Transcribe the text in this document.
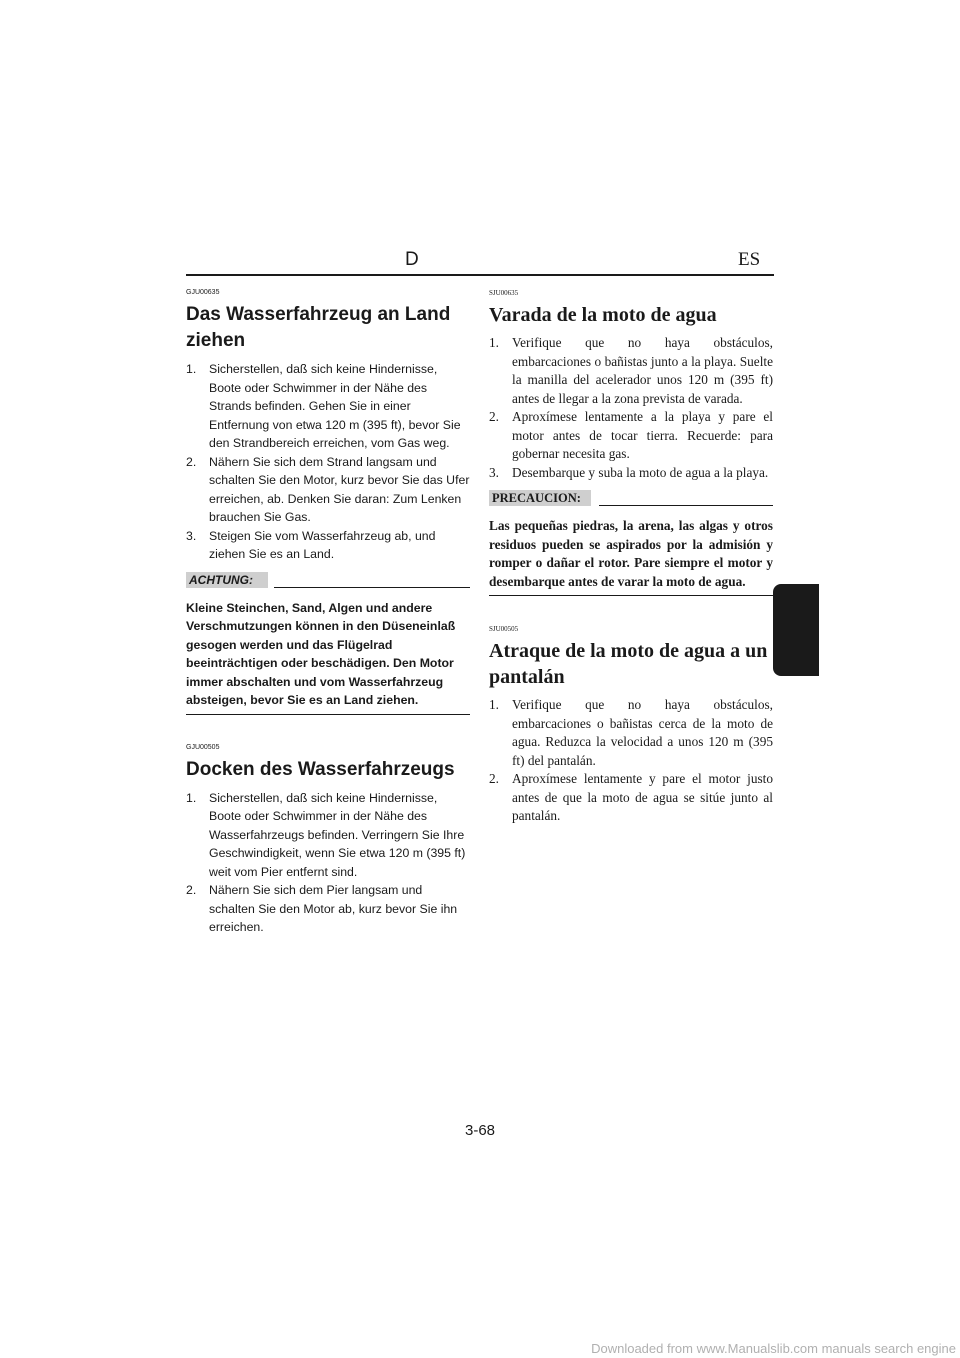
D	ES

GJU00635

Das Wasserfahrzeug an Land ziehen
1. Sicherstellen, daß sich keine Hindernisse, Boote oder Schwimmer in der Nähe des Strands befinden. Gehen Sie in einer Entfernung von etwa 120 m (395 ft), bevor Sie den Strandbereich erreichen, vom Gas weg.
2. Nähern Sie sich dem Strand langsam und schalten Sie den Motor, kurz bevor Sie das Ufer erreichen, ab. Denken Sie daran: Zum Lenken brauchen Sie Gas.
3. Steigen Sie vom Wasserfahrzeug ab, und ziehen Sie es an Land.
ACHTUNG:
Kleine Steinchen, Sand, Algen und andere Verschmutzungen können in den Düseneinlaß gesogen werden und das Flügelrad beeinträchtigen oder beschädigen. Den Motor immer abschalten und vom Wasserfahrzeug absteigen, bevor Sie es an Land ziehen.

GJU00505

Docken des Wasserfahrzeugs
1. Sicherstellen, daß sich keine Hindernisse, Boote oder Schwimmer in der Nähe des Wasserfahrzeugs befinden. Verringern Sie Ihre Geschwindigkeit, wenn Sie etwa 120 m (395 ft) weit vom Pier entfernt sind.
2. Nähern Sie sich dem Pier langsam und schalten Sie den Motor ab, kurz bevor Sie ihn erreichen.

SJU00635

Varada de la moto de agua
1. Verifique que no haya obstáculos, embarcaciones o bañistas junto a la playa. Suelte la manilla del acelerador unos 120 m (395 ft) antes de llegar a la zona prevista de varada.
2. Aproxímese lentamente a la playa y pare el motor antes de tocar tierra. Recuerde: para gobernar necesita gas.
3. Desembarque y suba la moto de agua a la playa.
PRECAUCION:
Las pequeñas piedras, la arena, las algas y otros residuos pueden se aspirados por la admisión y romper o dañar el rotor. Pare siempre el motor y desembarque antes de varar la moto de agua.

SJU00505

Atraque de la moto de agua a un pantalán
1. Verifique que no haya obstáculos, embarcaciones o bañistas cerca de la moto de agua. Reduzca la velocidad a unos 120 m (395 ft) del pantalán.
2. Aproxímese lentamente y pare el motor justo antes de que la moto de agua se sitúe junto al pantalán.
3-68
Downloaded from www.Manualslib.com manuals search engine
